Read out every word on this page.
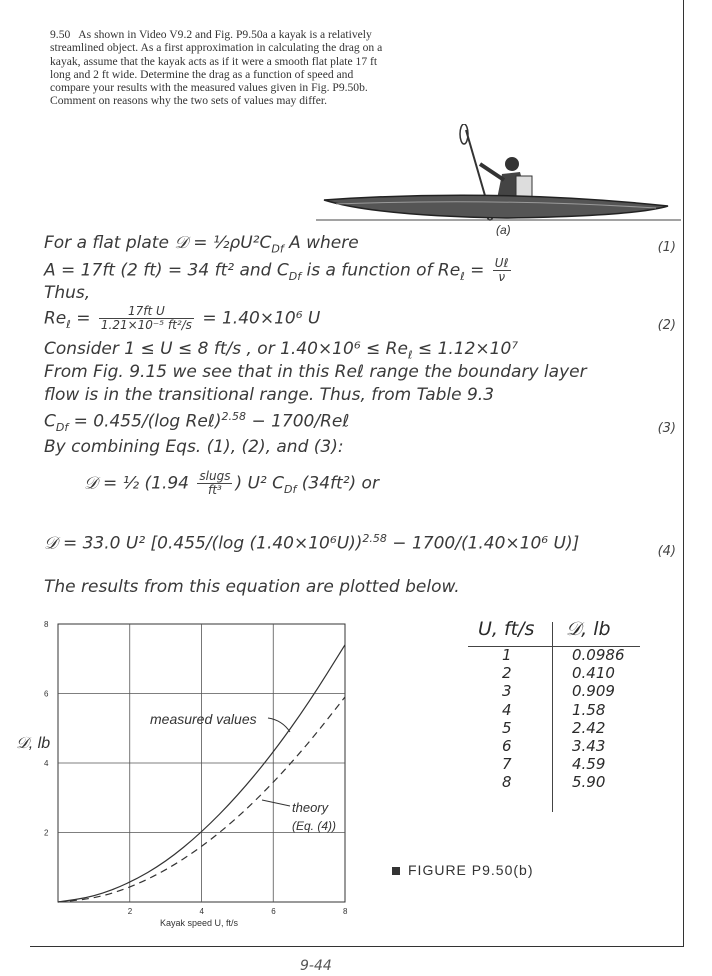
9.50 As shown in Video V9.2 and Fig. P9.50a a kayak is a relatively streamlined object. As a first approximation in calculating the drag on a kayak, assume that the kayak acts as if it were a smooth flat plate 17 ft long and 2 ft wide. Determine the drag as a function of speed and compare your results with the measured values given in Fig. P9.50b. Comment on reasons why the two sets of values may differ.
(a)
For a flat plate 𝒟 = $\frac{1}{2}\rho U^2C_{Df}$ A where	(1)
A = 17ft (2 ft) = 34 ft² and $C_{Df}$ is a function of $Re_\ell = \frac{\text{Uℓ}}{\nu}$
Thus,
$Re_\ell = \frac{\text{17ft U}}{\text{1.21×10⁻⁵ ft²/s}} = 1.40\times 10^6$ U	(2)
Consider 1 ≤ U ≤ 8 ft/s , or $1.40\times 10^6 \le Re_\ell \le 1.12\times 10^7$
From Fig. 9.15 we see that in this Reℓ range the boundary layer
flow is in the transitional range. Thus, from Table 9.3
$C_{Df} = 0.455/(\log$ Reℓ)$^{2.58}$ − 1700/Reℓ	(3)
By combining Eqs. (1), (2), and (3):
𝒟 = ½ ($1.94 \frac{\text{slugs}}{\text{ft³}}$ ) U² $C_{Df}$ (34ft²) or
𝒟 = 33.0 U² [0.455/(log (1.40×10⁶U))$^{2.58}$ − 1700/(1.40×10⁶ U)]	(4)
The results from this equation are plotted below.
2
4
6
8
2	4	6	8
𝒟, lb
Kayak speed U, ft/s
measured values
theory
(Eq. (4))
U, ft/s 𝒟, lb
1	0.0986
2	0.410
3	0.909
4	1.58
5	2.42
6	3.43
7	4.59
8	5.90
FIGURE P9.50(b)
9-44
